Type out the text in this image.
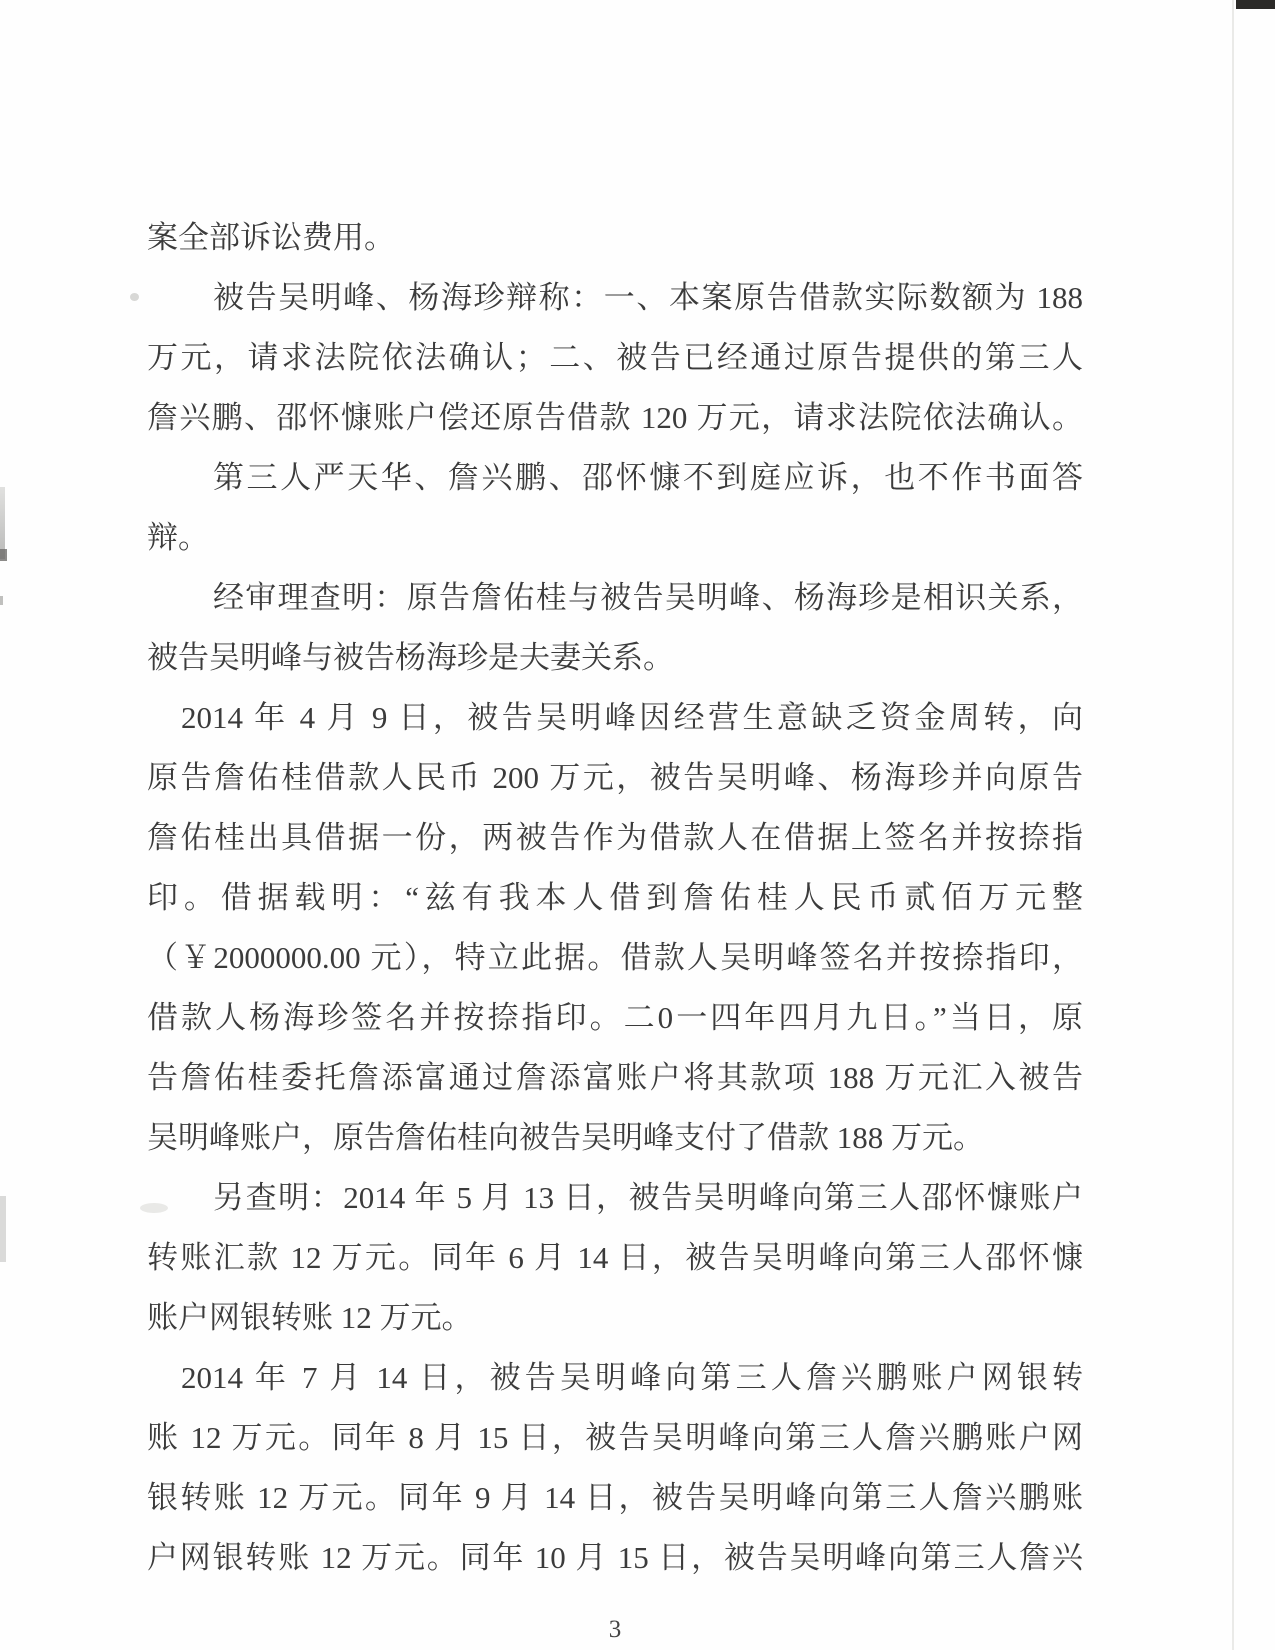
案全部诉讼费用。
被告吴明峰、杨海珍辩称：一、本案原告借款实际数额为 188
万元，请求法院依法确认；二、被告已经通过原告提供的第三人
詹兴鹏、邵怀慷账户偿还原告借款 120 万元，请求法院依法确认。
第三人严天华、詹兴鹏、邵怀慷不到庭应诉，也不作书面答
辩。
经审理查明：原告詹佑桂与被告吴明峰、杨海珍是相识关系，
被告吴明峰与被告杨海珍是夫妻关系。
2014 年 4 月 9 日，被告吴明峰因经营生意缺乏资金周转，向
原告詹佑桂借款人民币 200 万元，被告吴明峰、杨海珍并向原告
詹佑桂出具借据一份，两被告作为借款人在借据上签名并按捺指
印。借据载明：“兹有我本人借到詹佑桂人民币贰佰万元整
（￥2000000.00 元），特立此据。借款人吴明峰签名并按捺指印，
借款人杨海珍签名并按捺指印。二0一四年四月九日。”当日，原
告詹佑桂委托詹添富通过詹添富账户将其款项 188 万元汇入被告
吴明峰账户，原告詹佑桂向被告吴明峰支付了借款 188 万元。
另查明：2014 年 5 月 13 日，被告吴明峰向第三人邵怀慷账户
转账汇款 12 万元。同年 6 月 14 日，被告吴明峰向第三人邵怀慷
账户网银转账 12 万元。
2014 年 7 月 14 日，被告吴明峰向第三人詹兴鹏账户网银转
账 12 万元。同年 8 月 15 日，被告吴明峰向第三人詹兴鹏账户网
银转账 12 万元。同年 9 月 14 日，被告吴明峰向第三人詹兴鹏账
户网银转账 12 万元。同年 10 月 15 日，被告吴明峰向第三人詹兴
3
